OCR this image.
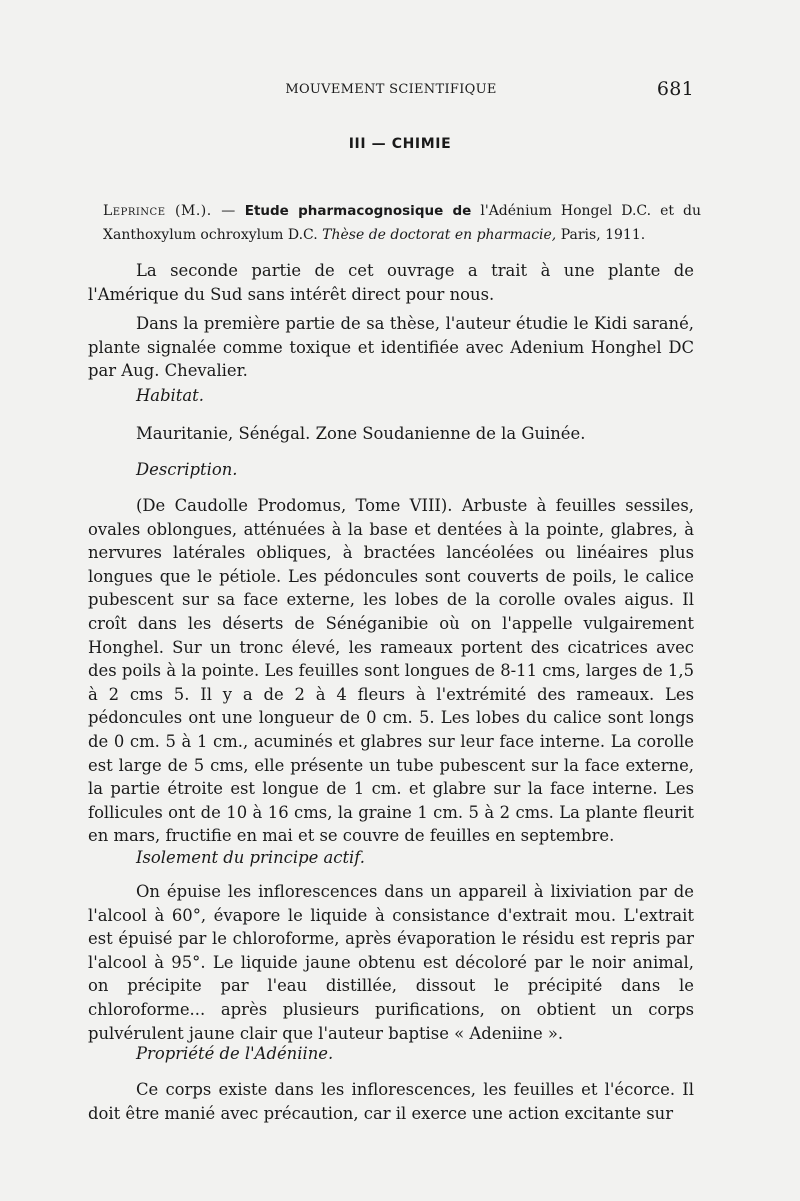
MOUVEMENT SCIENTIFIQUE	681
III — CHIMIE
Leprince (M.). — Etude pharmacognosique de l'Adénium Hongel D.C. et du Xanthoxylum ochroxylum D.C. Thèse de doctorat en pharmacie, Paris, 1911.

La seconde partie de cet ouvrage a trait à une plante de l'Amérique du Sud sans intérêt direct pour nous.

Dans la première partie de sa thèse, l'auteur étudie le Kidi sarané, plante signalée comme toxique et identifiée avec Adenium Honghel DC par Aug. Chevalier.

Habitat.

Mauritanie, Sénégal. Zone Soudanienne de la Guinée.

Description.

(De Caudolle Prodomus, Tome VIII). Arbuste à feuilles sessiles, ovales oblongues, atténuées à la base et dentées à la pointe, glabres, à nervures latérales obliques, à bractées lancéolées ou linéaires plus longues que le pétiole. Les pédoncules sont couverts de poils, le calice pubescent sur sa face externe, les lobes de la corolle ovales aigus. Il croît dans les déserts de Sénéganibie où on l'appelle vulgairement Honghel. Sur un tronc élevé, les rameaux portent des cicatrices avec des poils à la pointe. Les feuilles sont longues de 8-11 cms, larges de 1,5 à 2 cms 5. Il y a de 2 à 4 fleurs à l'extrémité des rameaux. Les pédoncules ont une longueur de 0 cm. 5. Les lobes du calice sont longs de 0 cm. 5 à 1 cm., acuminés et glabres sur leur face interne. La corolle est large de 5 cms, elle présente un tube pubescent sur la face externe, la partie étroite est longue de 1 cm. et glabre sur la face interne. Les follicules ont de 10 à 16 cms, la graine 1 cm. 5 à 2 cms. La plante fleurit en mars, fructifie en mai et se couvre de feuilles en septembre.

Isolement du principe actif.

On épuise les inflorescences dans un appareil à lixiviation par de l'alcool à 60°, évapore le liquide à consistance d'extrait mou. L'extrait est épuisé par le chloroforme, après évaporation le résidu est repris par l'alcool à 95°. Le liquide jaune obtenu est décoloré par le noir animal, on précipite par l'eau distillée, dissout le précipité dans le chloroforme... après plusieurs purifications, on obtient un corps pulvérulent jaune clair que l'auteur baptise « Adeniine ».

Propriété de l'Adéniine.

Ce corps existe dans les inflorescences, les feuilles et l'écorce. Il doit être manié avec précaution, car il exerce une action excitante sur
